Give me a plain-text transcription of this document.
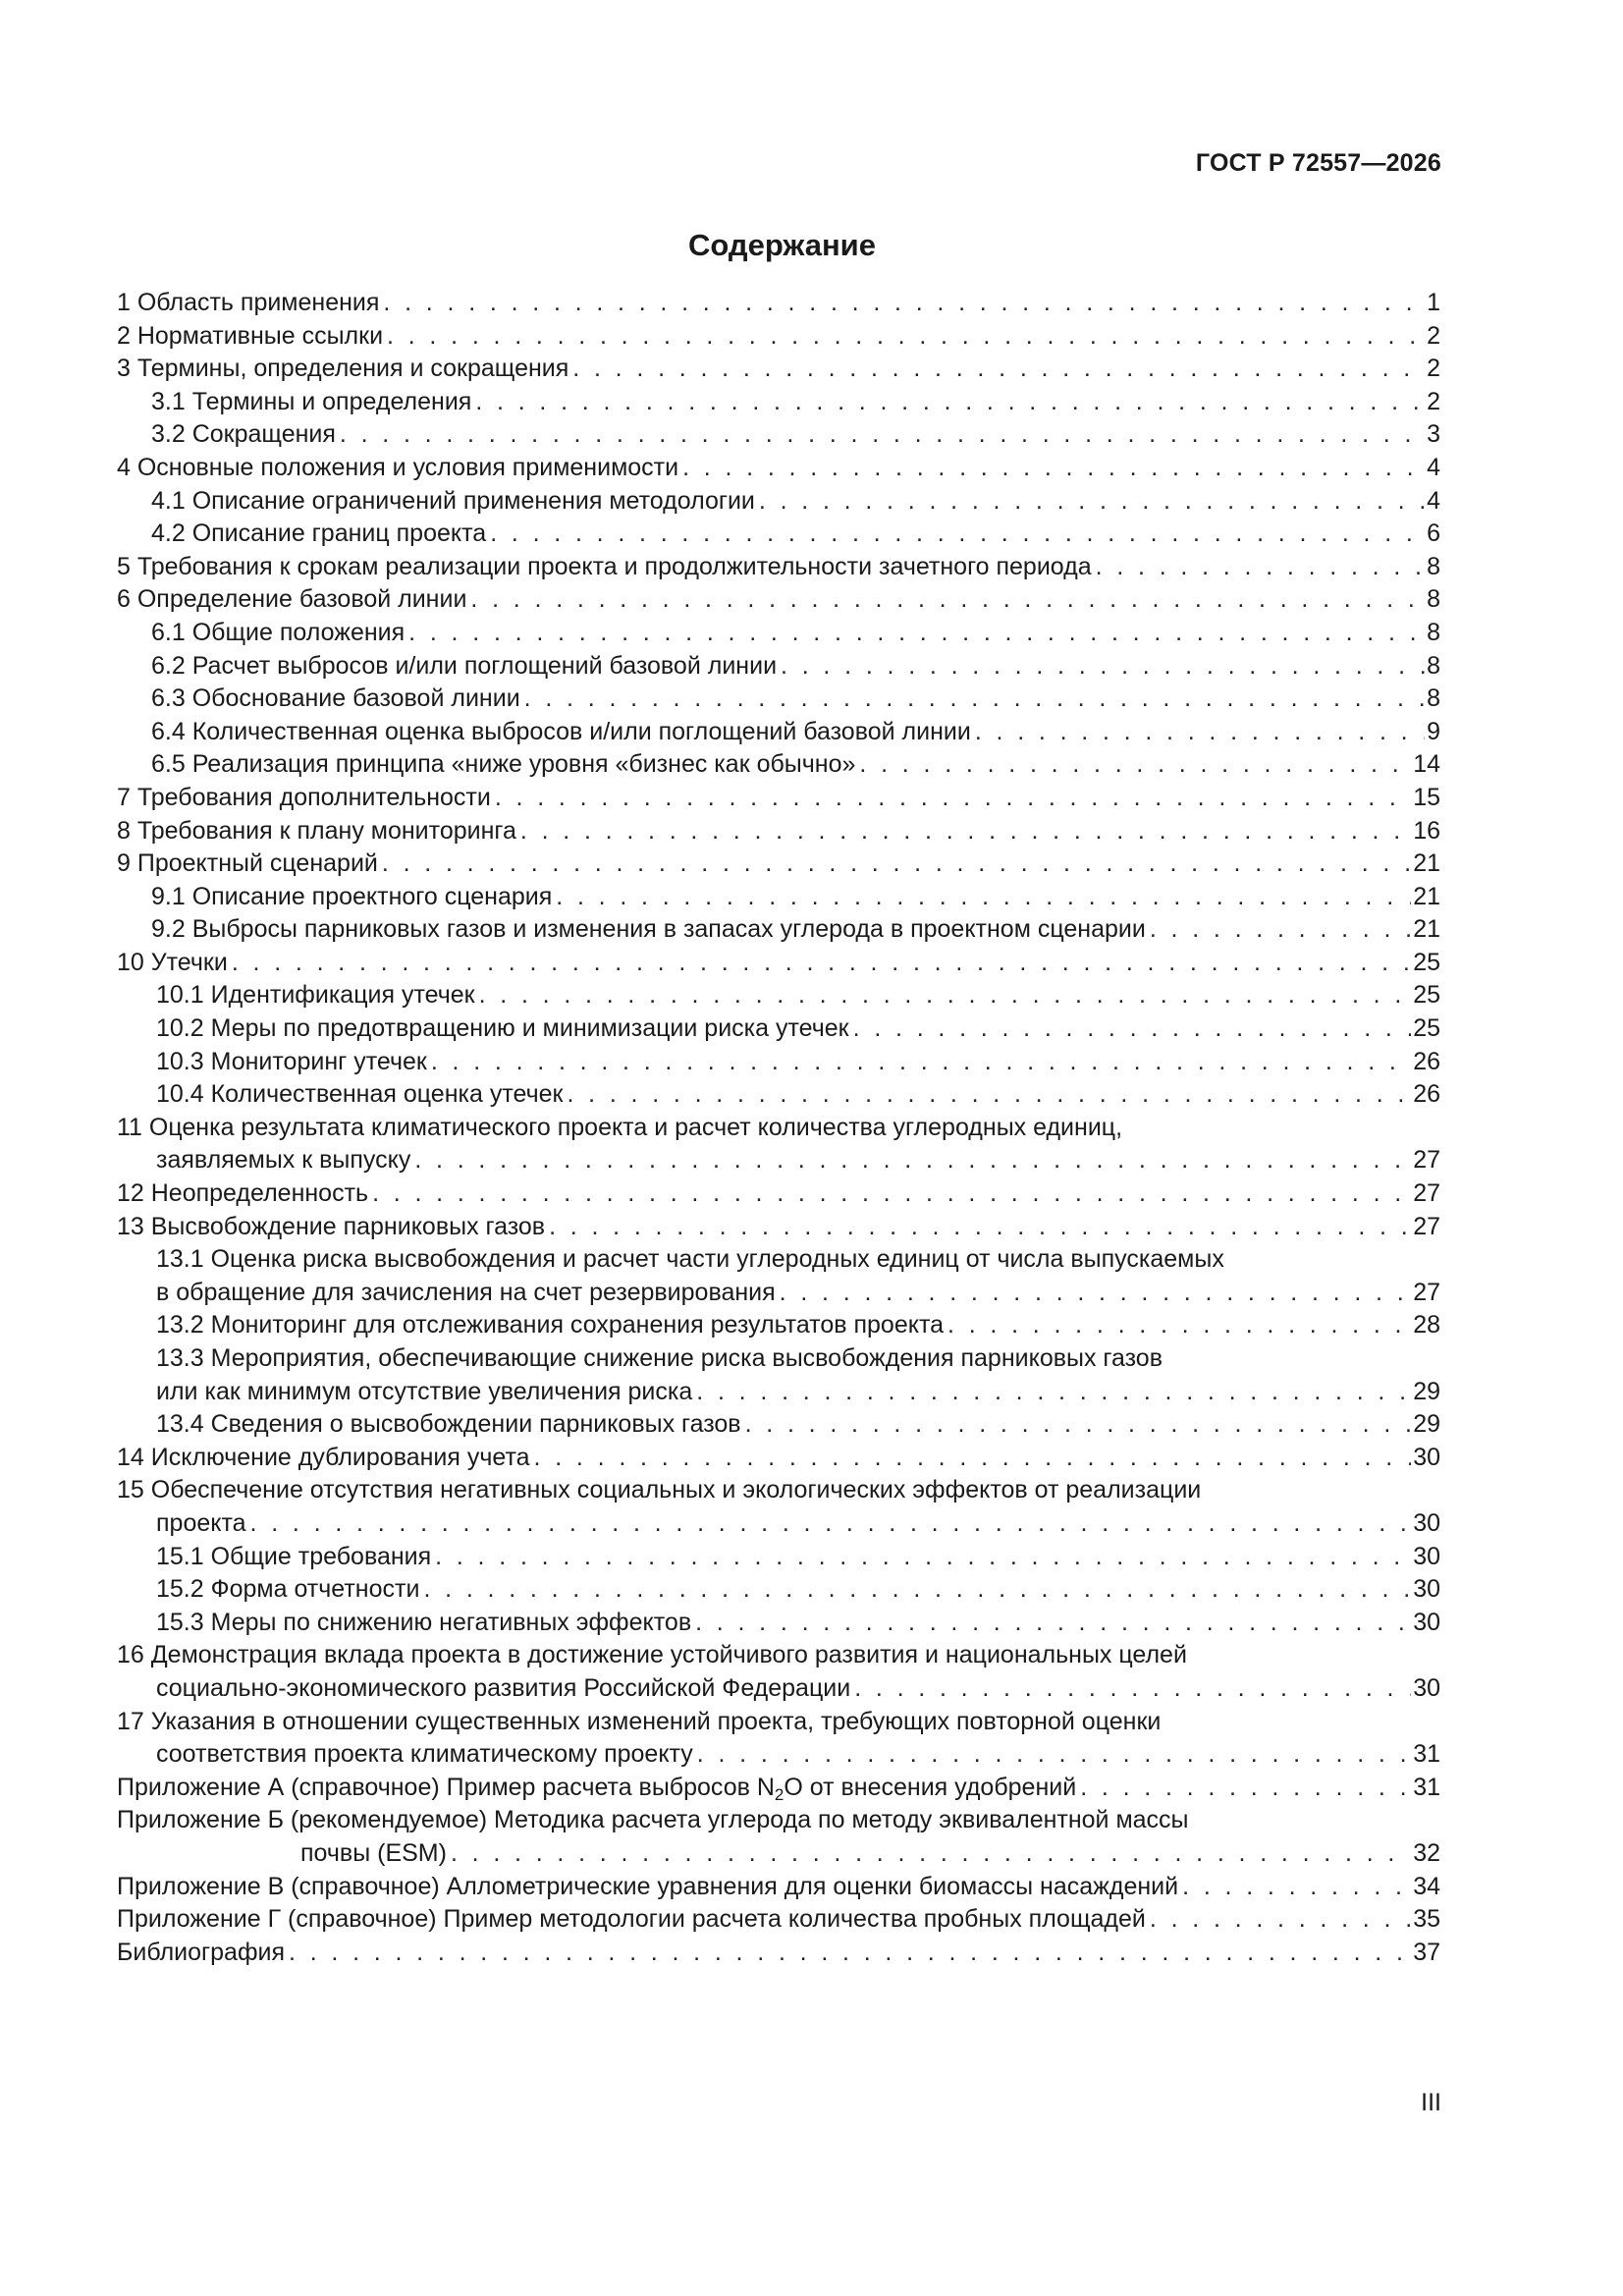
ГОСТ Р 72557—2026
Содержание
1 Область применения . . .	1
2 Нормативные ссылки . . .	2
3 Термины, определения и сокращения . . .	2
3.1 Термины и определения . . .	2
3.2 Сокращения . . .	3
4 Основные положения и условия применимости . . .	4
4.1 Описание ограничений применения методологии . . .	4
4.2 Описание границ проекта . . .	6
5 Требования к срокам реализации проекта и продолжительности зачетного периода . . .	8
6 Определение базовой линии . . .	8
6.1 Общие положения . . .	8
6.2 Расчет выбросов и/или поглощений базовой линии . . .	8
6.3 Обоснование базовой линии . . .	8
6.4 Количественная оценка выбросов и/или поглощений базовой линии . . .	9
6.5 Реализация принципа «ниже уровня «бизнес как обычно» . . .	14
7 Требования дополнительности . . .	15
8 Требования к плану мониторинга . . .	16
9 Проектный сценарий . . .	21
9.1 Описание проектного сценария . . .	21
9.2 Выбросы парниковых газов и изменения в запасах углерода в проектном сценарии . . .	21
10 Утечки . . .	25
10.1 Идентификация утечек . . .	25
10.2 Меры по предотвращению и минимизации риска утечек . . .	25
10.3 Мониторинг утечек . . .	26
10.4 Количественная оценка утечек . . .	26
11 Оценка результата климатического проекта и расчет количества углеродных единиц,
заявляемых к выпуску . . .	27
12 Неопределенность . . .	27
13 Высвобождение парниковых газов . . .	27
13.1 Оценка риска высвобождения и расчет части углеродных единиц от числа выпускаемых
в обращение для зачисления на счет резервирования . . .	27
13.2 Мониторинг для отслеживания сохранения результатов проекта . . .	28
13.3 Мероприятия, обеспечивающие снижение риска высвобождения парниковых газов
или как минимум отсутствие увеличения риска . . .	29
13.4 Сведения о высвобождении парниковых газов . . .	29
14 Исключение дублирования учета . . .	30
15 Обеспечение отсутствия негативных социальных и экологических эффектов от реализации
проекта . . .	30
15.1 Общие требования . . .	30
15.2 Форма отчетности . . .	30
15.3 Меры по снижению негативных эффектов . . .	30
16 Демонстрация вклада проекта в достижение устойчивого развития и национальных целей
социально-экономического развития Российской Федерации . . .	30
17 Указания в отношении существенных изменений проекта, требующих повторной оценки
соответствия проекта климатическому проекту . . .	31
Приложение А (справочное) Пример расчета выбросов $N_2O$ от внесения удобрений . . .	31
Приложение Б (рекомендуемое) Методика расчета углерода по методу эквивалентной массы
почвы (ESM) . . .	32
Приложение В (справочное) Аллометрические уравнения для оценки биомассы насаждений . . .	34
Приложение Г (справочное) Пример методологии расчета количества пробных площадей . . .	35
Библиография . . .	37
III
